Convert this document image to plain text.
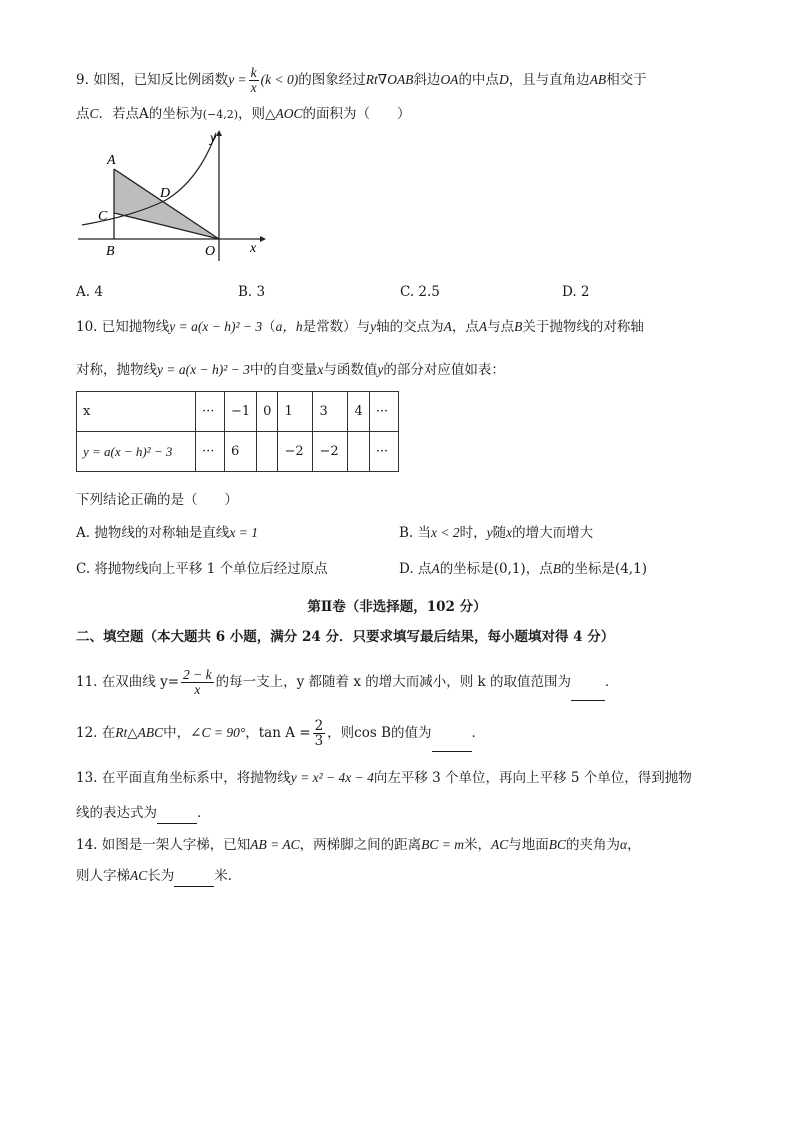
9. 如图，已知反比例函数$y = \frac{k}{x} (k < 0)$的图象经过Rt∇OAB斜边OA的中点D，且与直角边AB相交于
点C．若点A的坐标为(−4,2)，则△AOC的面积为（　　）
y
x
A
D
C
B	O
A. 4	B. 3	C. 2.5	D. 2
10. 已知抛物线y = a(x − h)² − 3（a，h是常数）与y轴的交点为A，点A与点B关于抛物线的对称轴
对称，抛物线y = a(x − h)² − 3中的自变量x与函数值y的部分对应值如表：
x	···	−1	0	1	3	4	···
y = a(x − h)² − 3	···	6		−2	−2		···
下列结论正确的是（　　）
A. 抛物线的对称轴是直线x = 1	B. 当x < 2时，y随x的增大而增大
C. 将抛物线向上平移 1 个单位后经过原点	D. 点A的坐标是(0,1)，点B的坐标是(4,1)
第Ⅱ卷（非选择题，102 分）
二、填空题（本大题共 6 小题，满分 24 分．只要求填写最后结果，每小题填对得 4 分）
11. 在双曲线 $y= \frac{2 - k}{x}$ 的每一支上，y 都随着 x 的增大而减小，则 k 的取值范围为	．
12. 在Rt△ABC中，∠C = 90°，$\tan A = \frac{2}{3}$ ，则cos B的值为	．
13. 在平面直角坐标系中，将抛物线y = x² − 4x − 4向左平移 3 个单位，再向上平移 5 个单位，得到抛物
线的表达式为	．
14. 如图是一架人字梯，已知AB = AC，两梯脚之间的距离BC = m米，AC与地面BC的夹角为α，
则人字梯AC长为	米．
